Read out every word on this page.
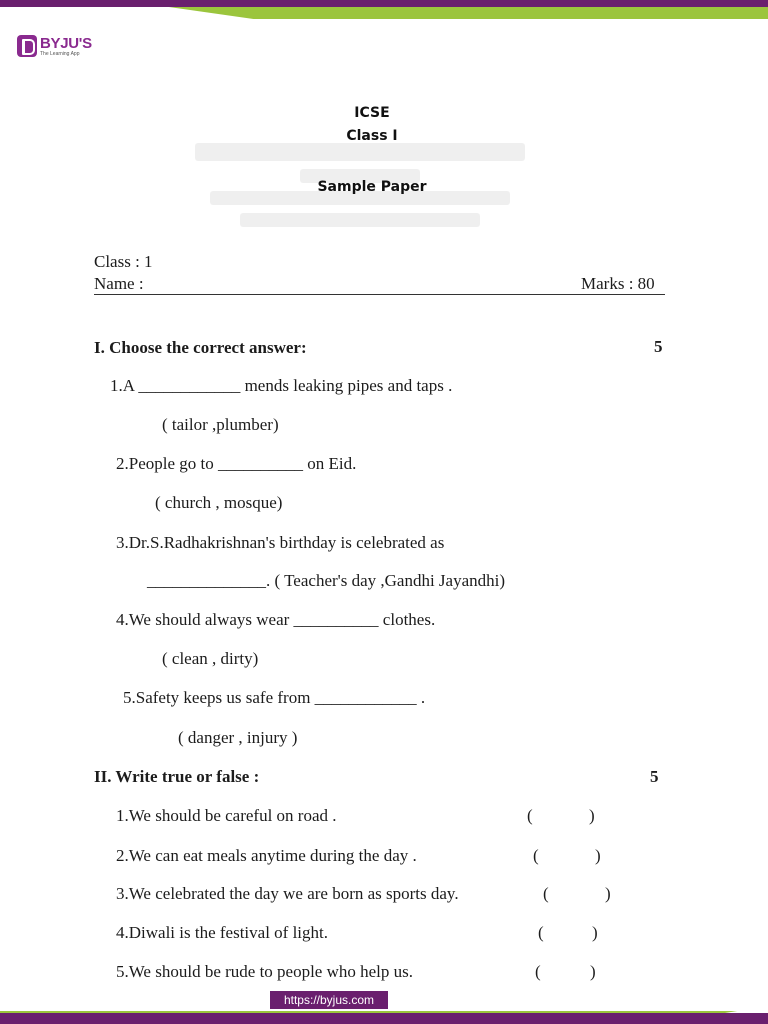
BYJU'S
The Learning App
ICSE
Class I
Sample Paper
Class : 1
Name :	Marks : 80
I. Choose the correct answer:	5
1.A ____________ mends leaking pipes and taps .
( tailor ,plumber)
2.People go to __________ on Eid.
( church , mosque)
3.Dr.S.Radhakrishnan's birthday is celebrated as
______________. ( Teacher's day ,Gandhi Jayandhi)
4.We should always wear __________ clothes.
( clean , dirty)
5.Safety keeps us safe from ____________ .
( danger , injury )
II. Write true or false :	5
1.We should be careful on road .	(	)
2.We can eat meals anytime during the day .	(	)
3.We celebrated the day we are born as sports day.	(	)
4.Diwali is the festival of light.	(	)
5.We should be rude to people who help us.	(	)
https://byjus.com
